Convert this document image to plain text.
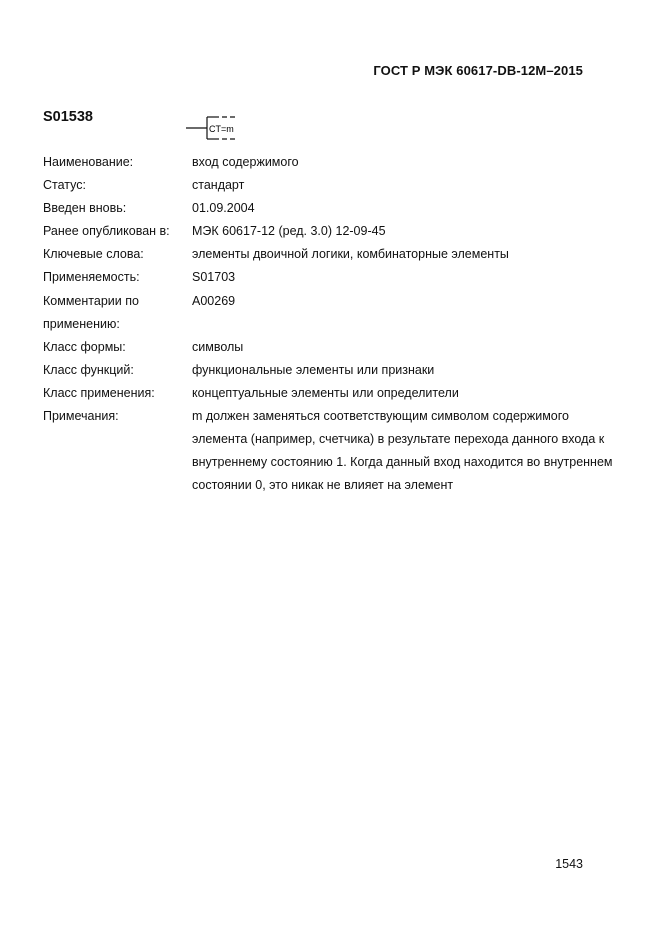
ГОСТ Р МЭК 60617-DB-12M–2015
S01538
CT=m
Наименование:	вход содержимого
Статус:	стандарт
Введен вновь:	01.09.2004
Ранее опубликован в:	МЭК 60617-12 (ред. 3.0) 12-09-45
Ключевые слова:	элементы двоичной логики, комбинаторные элементы
Применяемость:	S01703
Комментарии по применению:
A00269
Класс формы:	символы
Класс функций:	функциональные элементы или признаки
Класс применения:	концептуальные элементы или определители
Примечания:	m должен заменяться соответствующим символом содержимого элемента (например, счетчика) в результате перехода данного входа к внутреннему состоянию 1. Когда данный вход находится во внутреннем состоянии 0, это никак не влияет на элемент
1543
